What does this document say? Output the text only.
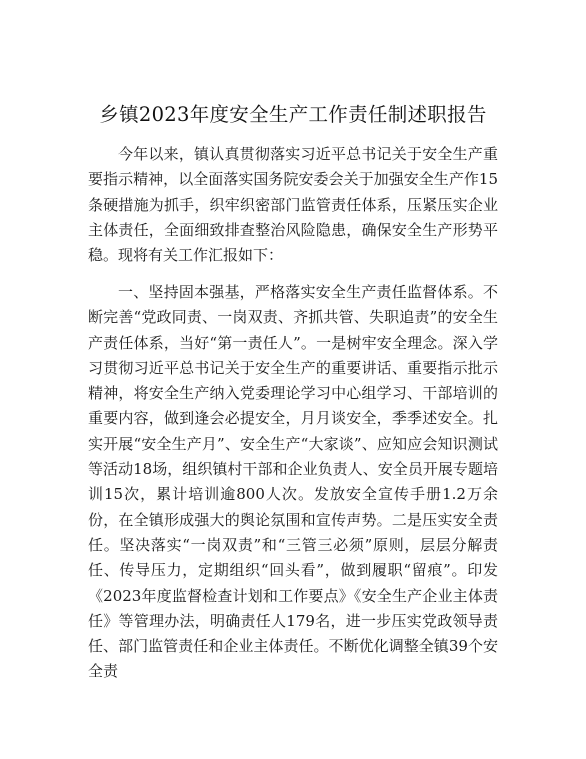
乡镇2023年度安全生产工作责任制述职报告

今年以来，镇认真贯彻落实习近平总书记关于安全生产重要指示精神，以全面落实国务院安委会关于加强安全生产作15条硬措施为抓手，织牢织密部门监管责任体系，压紧压实企业主体责任，全面细致排查整治风险隐患，确保安全生产形势平稳。现将有关工作汇报如下：

一、坚持固本强基，严格落实安全生产责任监督体系。不断完善“党政同责、一岗双责、齐抓共管、失职追责”的安全生产责任体系，当好“第一责任人”。一是树牢安全理念。深入学习贯彻习近平总书记关于安全生产的重要讲话、重要指示批示精神，将安全生产纳入党委理论学习中心组学习、干部培训的重要内容，做到逢会必提安全，月月谈安全，季季述安全。扎实开展“安全生产月”、安全生产“大家谈”、应知应会知识测试等活动18场，组织镇村干部和企业负责人、安全员开展专题培训15次，累计培训逾800人次。发放安全宣传手册1.2万余份，在全镇形成强大的舆论氛围和宣传声势。二是压实安全责任。坚决落实“一岗双责”和“三管三必须”原则，层层分解责任、传导压力，定期组织“回头看”，做到履职“留痕”。印发《2023年度监督检查计划和工作要点》《安全生产企业主体责任》等管理办法，明确责任人179名，进一步压实党政领导责任、部门监管责任和企业主体责任。不断优化调整全镇39个安全责
